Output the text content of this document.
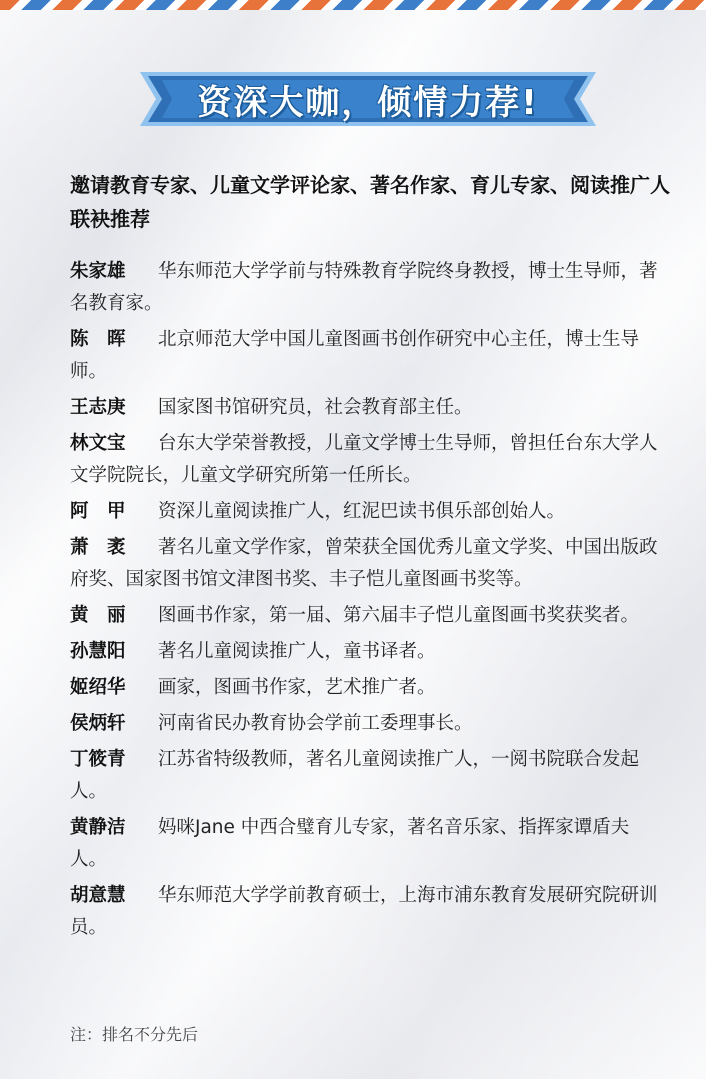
资深大咖，倾情力荐!
邀请教育专家、儿童文学评论家、著名作家、育儿专家、阅读推广人联袂推荐
朱家雄 华东师范大学学前与特殊教育学院终身教授，博士生导师，著名教育家。
陈　晖 北京师范大学中国儿童图画书创作研究中心主任，博士生导师。
王志庚 国家图书馆研究员，社会教育部主任。
林文宝 台东大学荣誉教授，儿童文学博士生导师，曾担任台东大学人文学院院长，儿童文学研究所第一任所长。
阿　甲 资深儿童阅读推广人，红泥巴读书俱乐部创始人。
萧　袤 著名儿童文学作家，曾荣获全国优秀儿童文学奖、中国出版政府奖、国家图书馆文津图书奖、丰子恺儿童图画书奖等。
黄　丽 图画书作家，第一届、第六届丰子恺儿童图画书奖获奖者。
孙慧阳 著名儿童阅读推广人，童书译者。
姬绍华 画家，图画书作家，艺术推广者。
侯炳轩 河南省民办教育协会学前工委理事长。
丁筱青 江苏省特级教师，著名儿童阅读推广人，一阅书院联合发起人。
黄静洁 妈咪Jane 中西合璧育儿专家，著名音乐家、指挥家谭盾夫人。
胡意慧 华东师范大学学前教育硕士，上海市浦东教育发展研究院研训员。
注：排名不分先后
